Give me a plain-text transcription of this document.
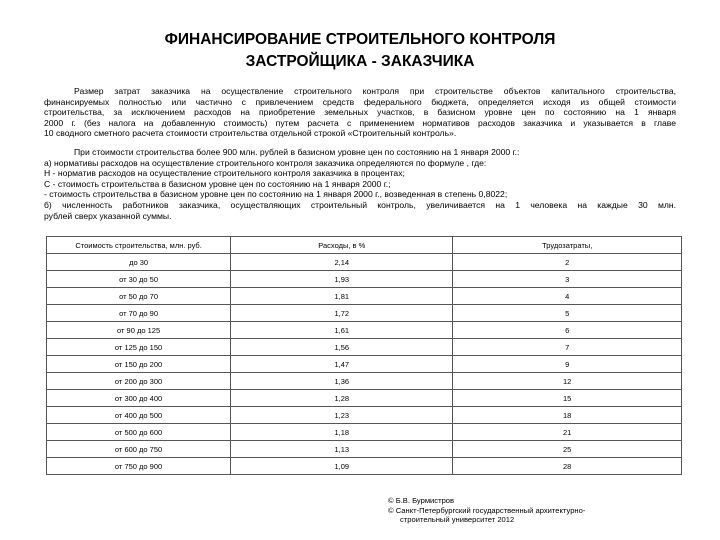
ФИНАНСИРОВАНИЕ СТРОИТЕЛЬНОГО КОНТРОЛЯ
ЗАСТРОЙЩИКА - ЗАКАЗЧИКА
Размер затрат заказчика на осуществление строительного контроля при строительстве объектов капитального строительства,
финансируемых полностью или частично с привлечением средств федерального бюджета, определяется исходя из общей стоимости
строительства, за исключением расходов на приобретение земельных участков, в базисном уровне цен по состоянию на 1 января
2000 г. (без налога на добавленную стоимость) путем расчета с применением нормативов расходов заказчика и указывается в главе
10 сводного сметного расчета стоимости строительства отдельной строкой «Строительный контроль».
При стоимости строительства более 900 млн. рублей в базисном уровне цен по состоянию на 1 января 2000 г.:
а) нормативы расходов на осуществление строительного контроля заказчика определяются по формуле , где:
Н - норматив расходов на осуществление строительного контроля заказчика в процентах;
С - стоимость строительства в базисном уровне цен по состоянию на 1 января 2000 г.;
- стоимость строительства в базисном уровне цен по состоянию на 1 января 2000 г., возведенная в степень 0,8022;
б) численность работников заказчика, осуществляющих строительный контроль, увеличивается на 1 человека на каждые 30 млн.
рублей сверх указанной суммы.
Стоимость строительства, млн. руб.	Расходы, в %	Трудозатраты,
до 30	2,14	2
от 30 до 50	1,93	3
от 50 до 70	1,81	4
от 70 до 90	1,72	5
от 90 до 125	1,61	6
от 125 до 150	1,56	7
от 150 до 200	1,47	9
от 200 до 300	1,36	12
от 300 до 400	1,28	15
от 400 до 500	1,23	18
от 500 до 600	1,18	21
от 600 до 750	1,13	25
от 750 до 900	1,09	28
© Б.В. Бурмистров
© Санкт-Петербургский государственный архитектурно-
строительный университет 2012
